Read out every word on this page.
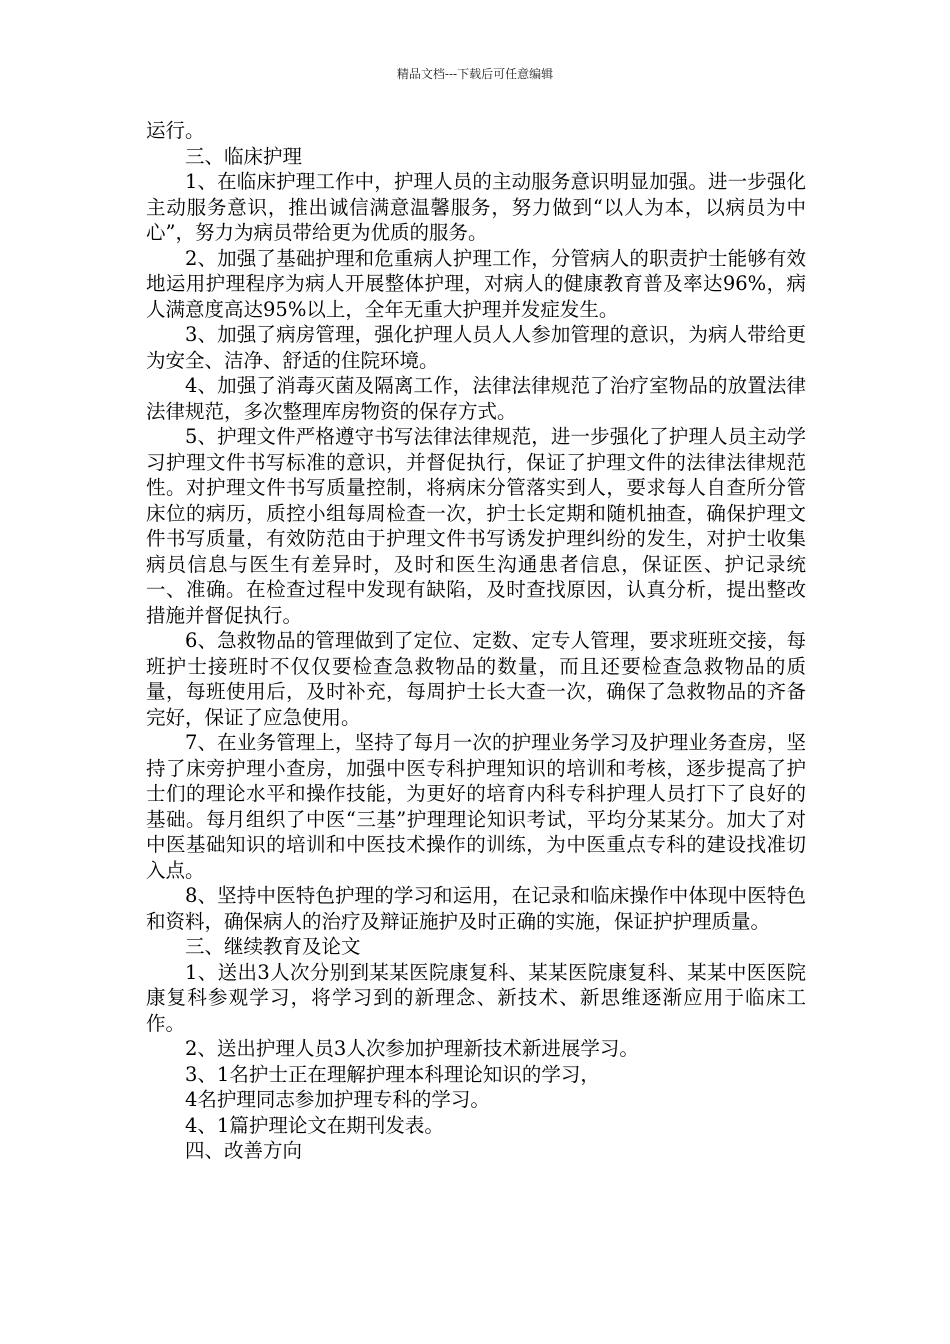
精品文档---下载后可任意编辑

运行。

三、临床护理

1、在临床护理工作中，护理人员的主动服务意识明显加强。进一步强化主动服务意识，推出诚信满意温馨服务，努力做到“以人为本，以病员为中心”，努力为病员带给更为优质的服务。

2、加强了基础护理和危重病人护理工作，分管病人的职责护士能够有效地运用护理程序为病人开展整体护理，对病人的健康教育普及率达96%，病人满意度高达95%以上，全年无重大护理并发症发生。

3、加强了病房管理，强化护理人员人人参加管理的意识，为病人带给更为安全、洁净、舒适的住院环境。

4、加强了消毒灭菌及隔离工作，法律法律规范了治疗室物品的放置法律法律规范，多次整理库房物资的保存方式。

5、护理文件严格遵守书写法律法律规范，进一步强化了护理人员主动学习护理文件书写标准的意识，并督促执行，保证了护理文件的法律法律规范性。对护理文件书写质量控制，将病床分管落实到人，要求每人自查所分管床位的病历，质控小组每周检查一次，护士长定期和随机抽查，确保护理文件书写质量，有效防范由于护理文件书写诱发护理纠纷的发生，对护士收集病员信息与医生有差异时，及时和医生沟通患者信息，保证医、护记录统一、准确。在检查过程中发现有缺陷，及时查找原因，认真分析，提出整改措施并督促执行。

6、急救物品的管理做到了定位、定数、定专人管理，要求班班交接，每班护士接班时不仅仅要检查急救物品的数量，而且还要检查急救物品的质量，每班使用后，及时补充，每周护士长大查一次，确保了急救物品的齐备完好，保证了应急使用。

7、在业务管理上，坚持了每月一次的护理业务学习及护理业务查房，坚持了床旁护理小查房，加强中医专科护理知识的培训和考核，逐步提高了护士们的理论水平和操作技能，为更好的培育内科专科护理人员打下了良好的基础。每月组织了中医“三基”护理理论知识考试，平均分某某分。加大了对中医基础知识的培训和中医技术操作的训练，为中医重点专科的建设找准切入点。

8、坚持中医特色护理的学习和运用，在记录和临床操作中体现中医特色和资料，确保病人的治疗及辩证施护及时正确的实施，保证护护理质量。

三、继续教育及论文

1、送出3人次分别到某某医院康复科、某某医院康复科、某某中医医院康复科参观学习，将学习到的新理念、新技术、新思维逐渐应用于临床工作。

2、送出护理人员3人次参加护理新技术新进展学习。

3、1名护士正在理解护理本科理论知识的学习，

4名护理同志参加护理专科的学习。

4、1篇护理论文在期刊发表。

四、改善方向
